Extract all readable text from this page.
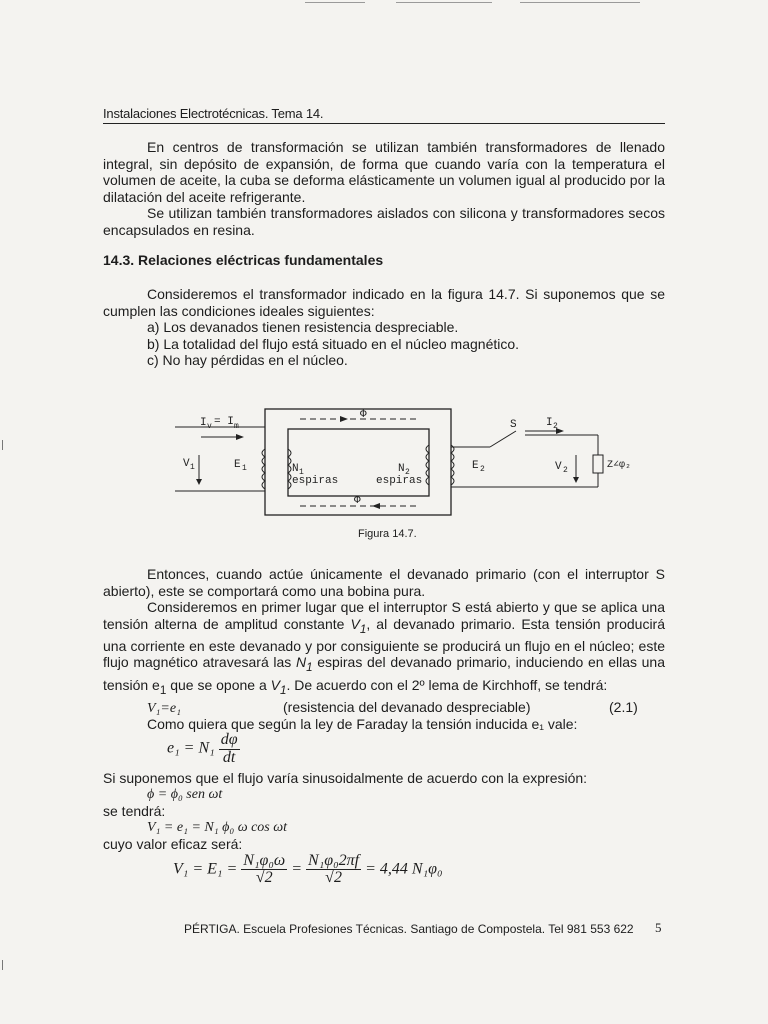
Instalaciones Electrotécnicas. Tema 14.

En centros de transformación se utilizan también transformadores de llenado integral, sin depósito de expansión, de forma que cuando varía con la temperatura el volumen de aceite, la cuba se deforma elásticamente un volumen igual al producido por la dilatación del aceite refrigerante.

Se utilizan también transformadores aislados con silicona y transformadores secos encapsulados en resina.

14.3. Relaciones eléctricas fundamentales

Consideremos el transformador indicado en la figura 14.7. Si suponemos que se cumplen las condiciones ideales siguientes:

a) Los devanados tienen resistencia despreciable.
b) La totalidad del flujo está situado en el núcleo magnético.
c) No hay pérdidas en el núcleo.
Φ
Φ
I v = I m
V 1	E 1	N 1
espiras
N 2
espiras
S	I 2
E 2	V 2	Z∠φ₂
Figura 14.7.

Entonces, cuando actúe únicamente el devanado primario (con el interruptor S abierto), este se comportará como una bobina pura.

Consideremos en primer lugar que el interruptor S está abierto y que se aplica una tensión alterna de amplitud constante $V_1$, al devanado primario. Esta tensión producirá una corriente en este devanado y por consiguiente se producirá un flujo en el núcleo; este flujo magnético atravesará las $N_1$ espiras del devanado primario, induciendo en ellas una tensión $e_1$ que se opone a $V_1$. De acuerdo con el 2º lema de Kirchhoff, se tendrá:

V₁=e₁	(resistencia del devanado despreciable)	(2.1)

Como quiera que según la ley de Faraday la tensión inducida e₁ vale:

$e_1 = N_1 \frac{d\varphi}{dt}$

Si suponemos que el flujo varía sinusoidalmente de acuerdo con la expresión:

ϕ = ϕ₀ sen ωt

se tendrá:

V₁ = e₁ = N₁ ϕ₀ ω cos ωt

cuyo valor eficaz será:

$V_1 = E_1 = \frac{\text{N₁φ₀ω}}{√2} = \frac{\text{N₁φ₀2πf}}{√2} = 4,44$ N₁φ₀
PÉRTIGA. Escuela Profesiones Técnicas. Santiago de Compostela. Tel 981 553 622 5
